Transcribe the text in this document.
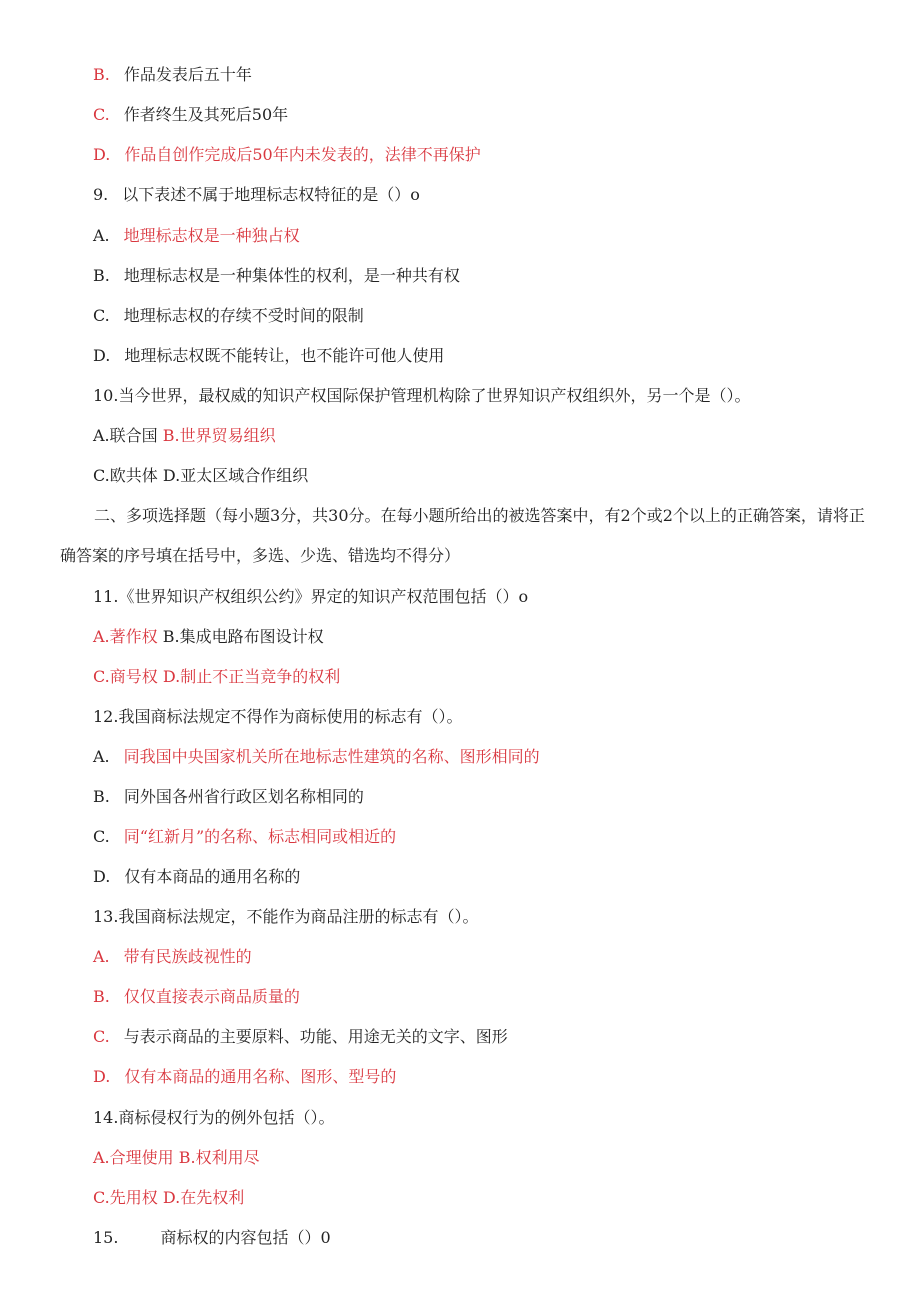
B. 作品发表后五十年
C. 作者终生及其死后50年
D. 作品自创作完成后50年内未发表的，法律不再保护
9. 以下表述不属于地理标志权特征的是（）o
A. 地理标志权是一种独占权
B. 地理标志权是一种集体性的权利，是一种共有权
C. 地理标志权的存续不受时间的限制
D. 地理标志权既不能转让，也不能许可他人使用
10.当今世界，最权威的知识产权国际保护管理机构除了世界知识产权组织外，另一个是（）。
A.联合国 B.世界贸易组织
C.欧共体 D.亚太区域合作组织
二、多项选择题（每小题3分，共30分。在每小题所给出的被选答案中，有2个或2个以上的正确答案，请将正确答案的序号填在括号中，多选、少选、错选均不得分）
11.《世界知识产权组织公约》界定的知识产权范围包括（）o
A.著作权 B.集成电路布图设计权
C.商号权 D.制止不正当竞争的权利
12.我国商标法规定不得作为商标使用的标志有（）。
A. 同我国中央国家机关所在地标志性建筑的名称、图形相同的
B. 同外国各州省行政区划名称相同的
C. 同“红新月”的名称、标志相同或相近的
D. 仅有本商品的通用名称的
13.我国商标法规定，不能作为商品注册的标志有（）。
A. 带有民族歧视性的
B. 仅仅直接表示商品质量的
C. 与表示商品的主要原料、功能、用途无关的文字、图形
D. 仅有本商品的通用名称、图形、型号的
14.商标侵权行为的例外包括（）。
A.合理使用 B.权利用尽
C.先用权 D.在先权利
15.	商标权的内容包括（）0
